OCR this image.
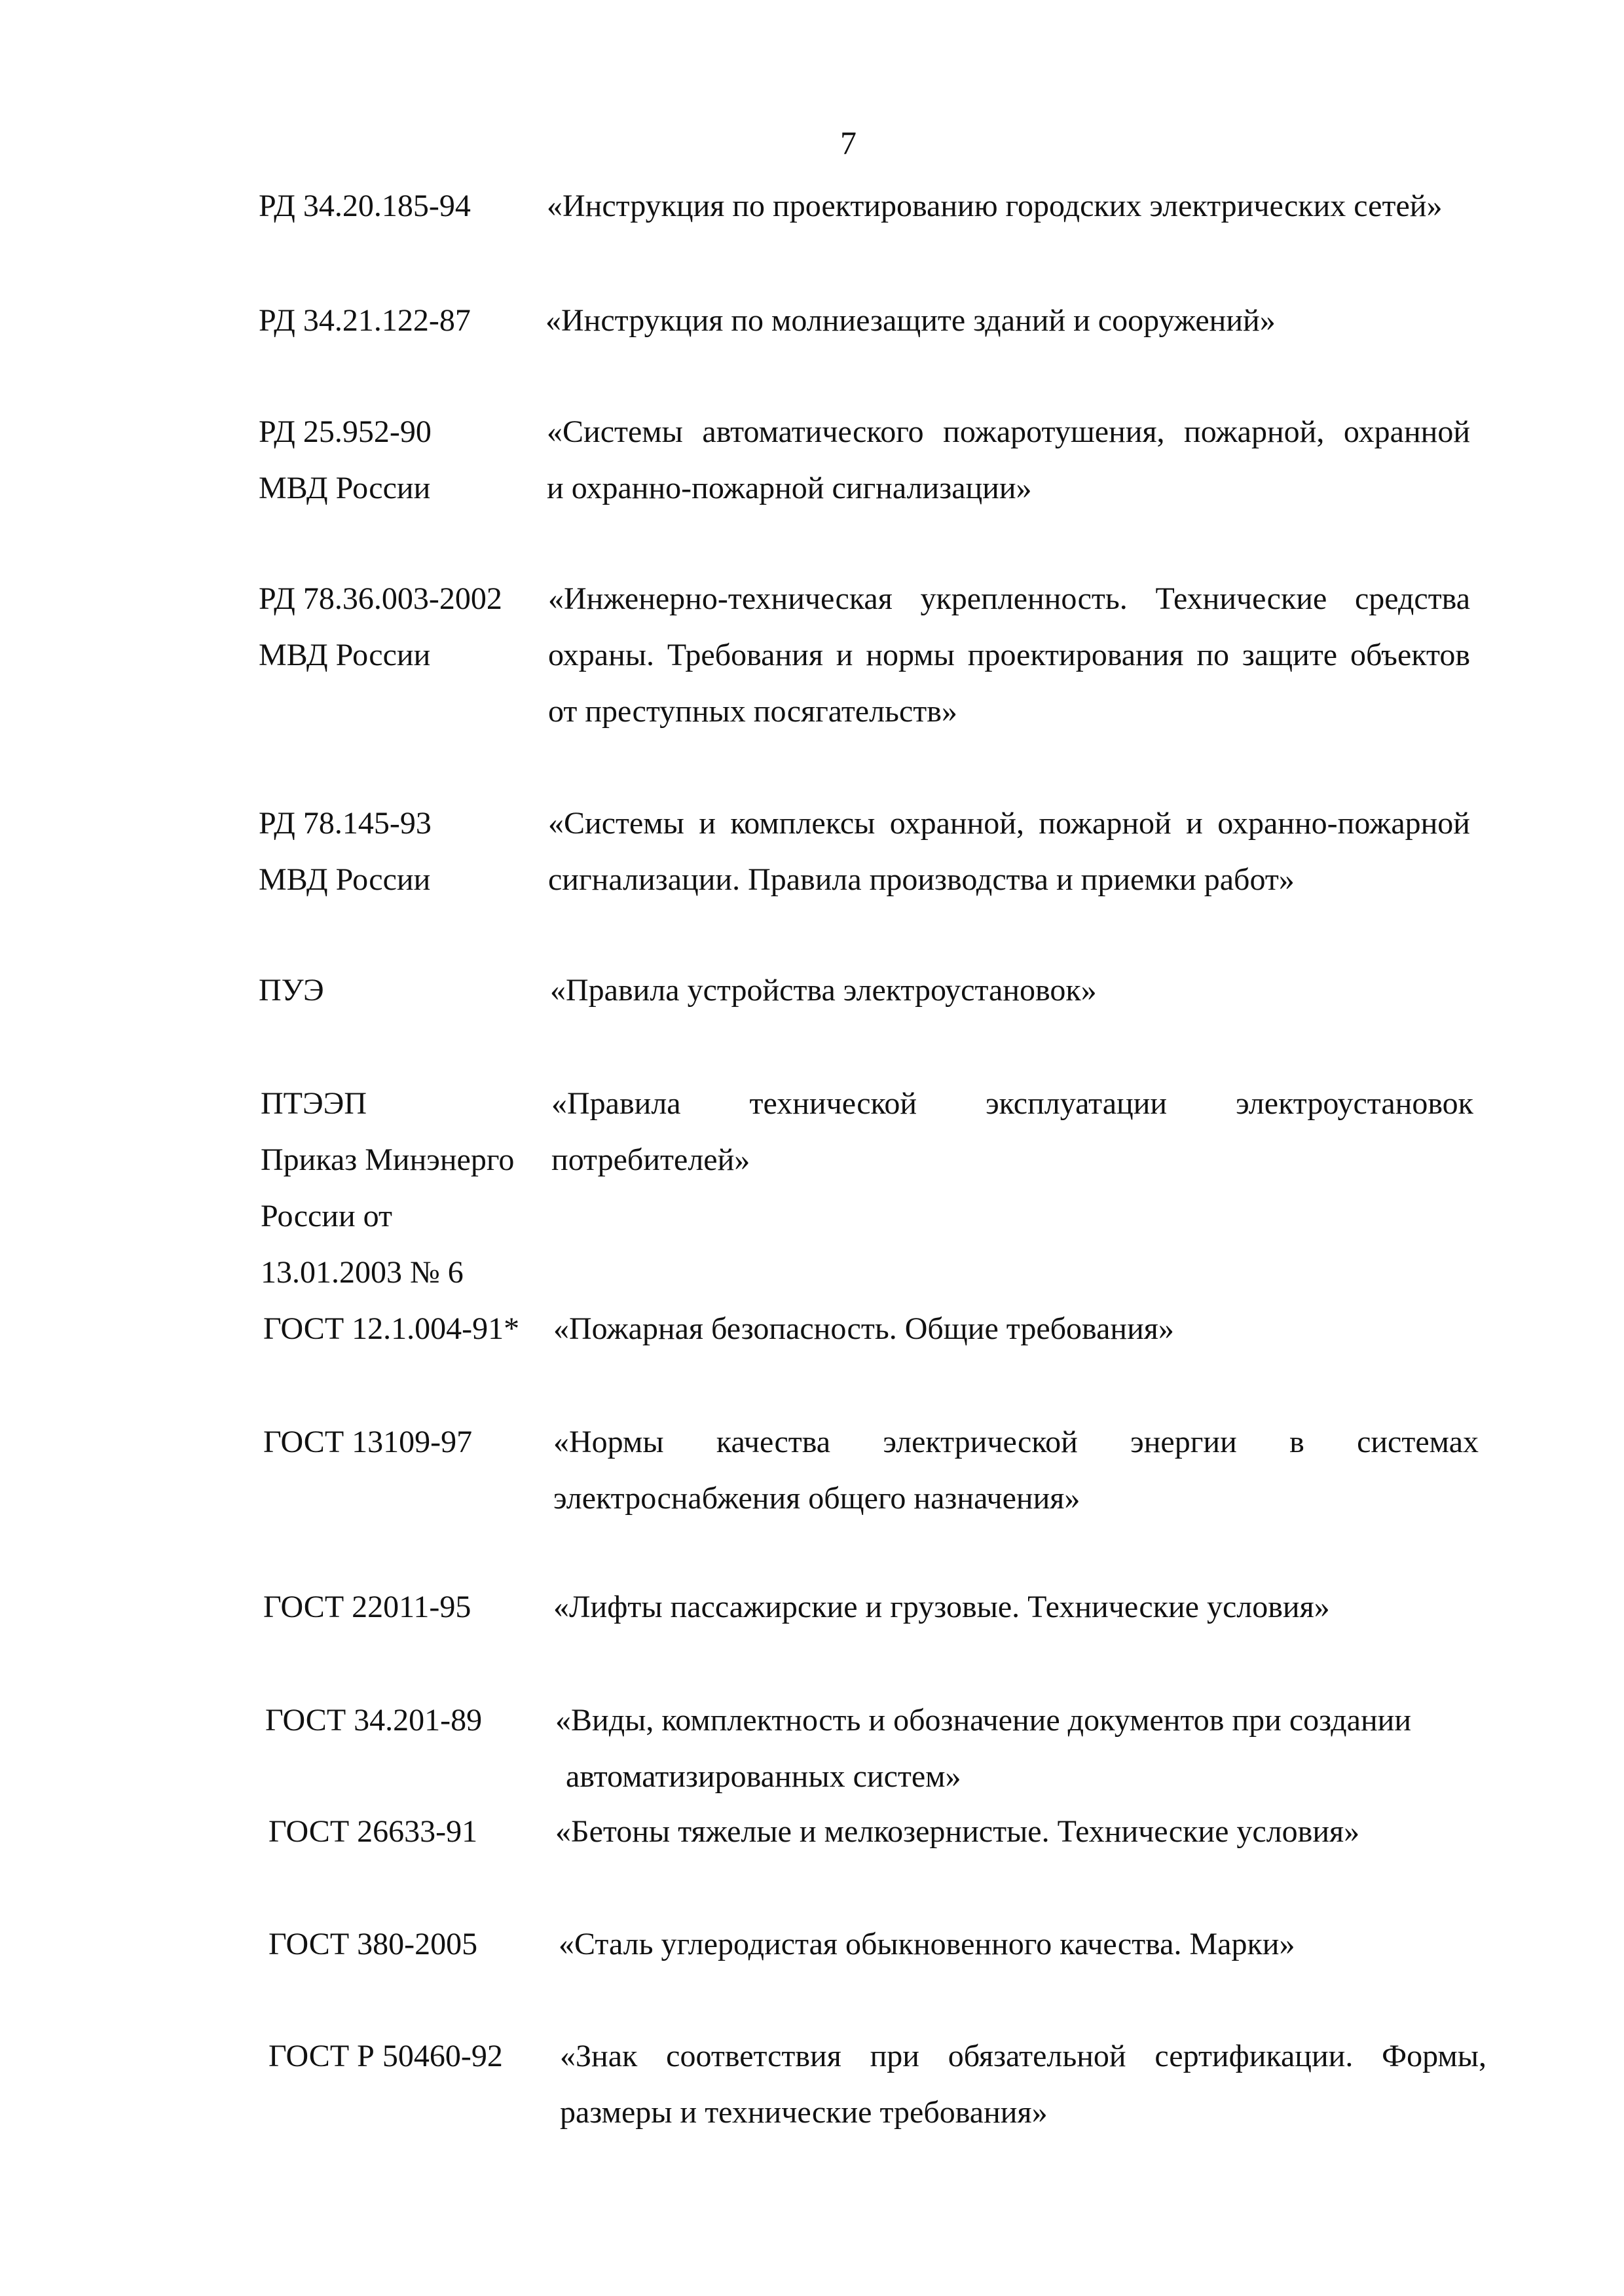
7
РД 34.20.185-94 «Инструкция по проектированию городских электрических сетей»
РД 34.21.122-87 «Инструкция по молниезащите зданий и сооружений»
РД 25.952-90
МВД России
«Системы автоматического пожаротушения, пожарной, охранной
и охранно-пожарной сигнализации»
РД 78.36.003-2002
МВД России
«Инженерно-техническая укрепленность. Технические средства
охраны. Требования и нормы проектирования по защите объектов
от преступных посягательств»
РД 78.145-93
МВД России
«Системы и комплексы охранной, пожарной и охранно-пожарной
сигнализации. Правила производства и приемки работ»
ПУЭ	«Правила устройства электроустановок»
ПТЭЭП
Приказ Минэнерго
России от
13.01.2003 № 6
«Правила технической эксплуатации электроустановок
потребителей»
ГОСТ 12.1.004-91* «Пожарная безопасность. Общие требования»
ГОСТ 13109-97	«Нормы качества электрической энергии в системах
электроснабжения общего назначения»
ГОСТ 22011-95	«Лифты пассажирские и грузовые. Технические условия»
ГОСТ 34.201-89 «Виды, комплектность и обозначение документов при создании
автоматизированных систем»
ГОСТ 26633-91 «Бетоны тяжелые и мелкозернистые. Технические условия»
ГОСТ 380-2005	«Сталь углеродистая обыкновенного качества. Марки»
ГОСТ Р 50460-92 «Знак соответствия при обязательной сертификации. Формы,
размеры и технические требования»
